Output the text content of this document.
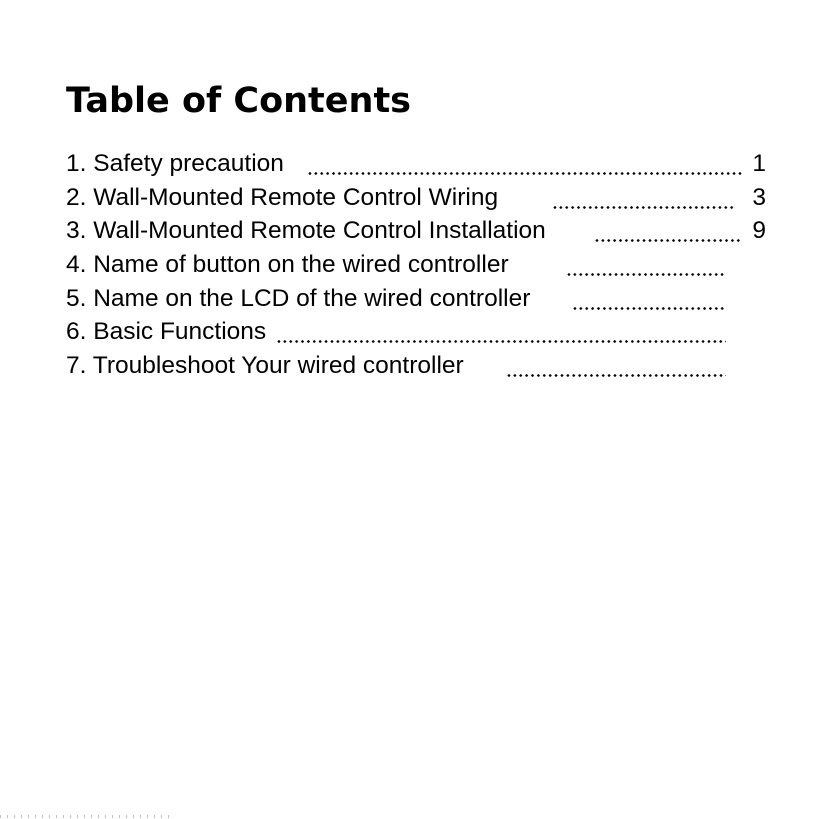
Table of Contents
1. Safety precaution	1
2. Wall-Mounted Remote Control Wiring	3
3. Wall-Mounted Remote Control Installation	9
4. Name of button on the wired controller
5. Name on the LCD of the wired controller
6. Basic Functions
7. Troubleshoot Your wired controller
